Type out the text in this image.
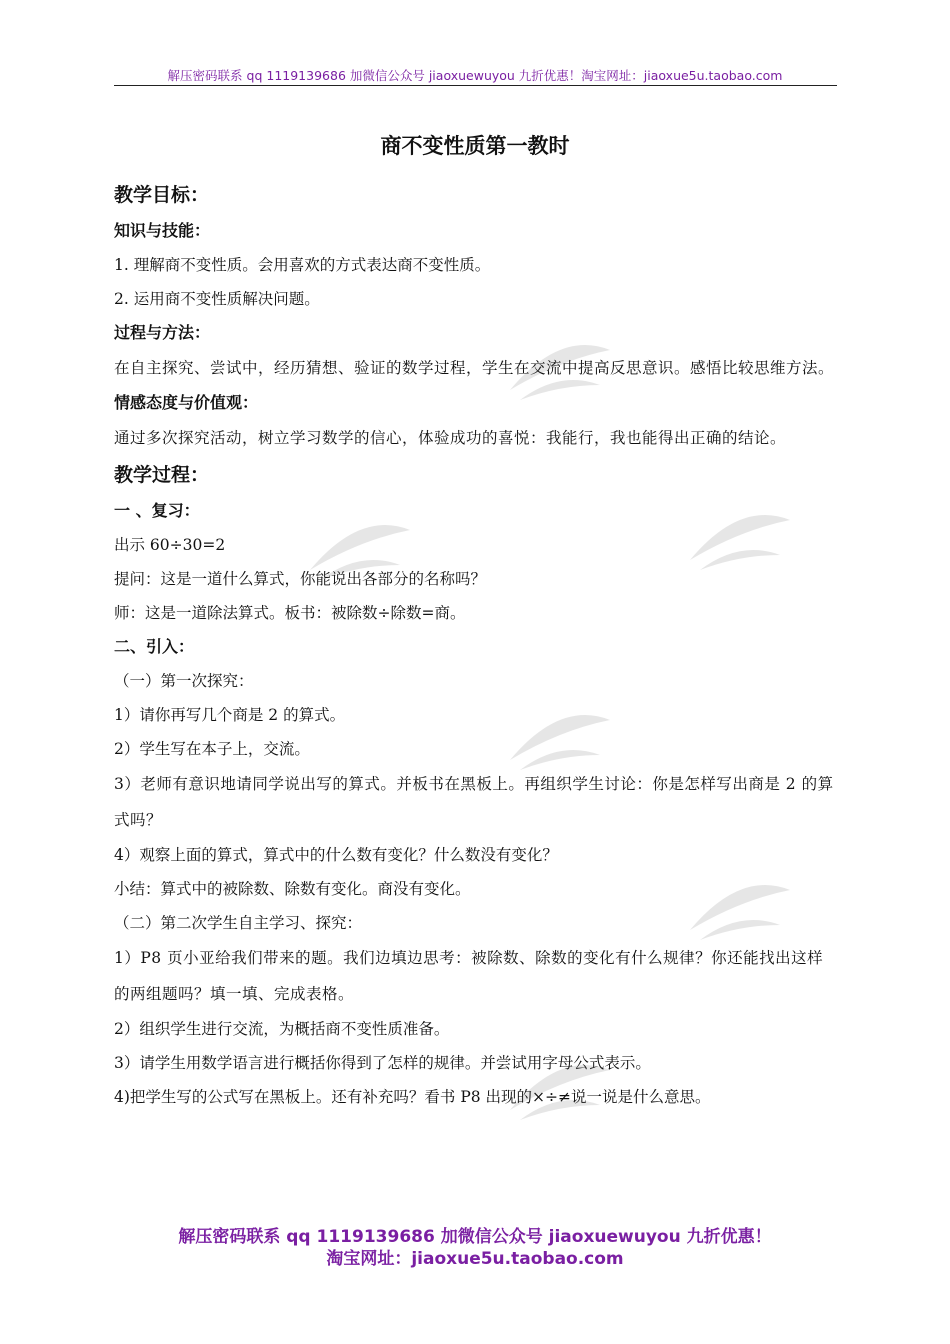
解压密码联系 qq 1119139686 加微信公众号 jiaoxuewuyou 九折优惠！淘宝网址：jiaoxue5u.taobao.com
商不变性质第一教时
教学目标：
知识与技能：
1. 理解商不变性质。会用喜欢的方式表达商不变性质。
2. 运用商不变性质解决问题。
过程与方法：
在自主探究、尝试中，经历猜想、验证的数学过程，学生在交流中提高反思意识。感悟比较思维方法。
情感态度与价值观：
通过多次探究活动，树立学习数学的信心，体验成功的喜悦：我能行，我也能得出正确的结论。
教学过程：
一 、复习：
出示 60÷30=2
提问：这是一道什么算式，你能说出各部分的名称吗？
师：这是一道除法算式。板书：被除数÷除数=商。
二、引入：
（一）第一次探究：
1）请你再写几个商是 2 的算式。
2）学生写在本子上，交流。
3）老师有意识地请同学说出写的算式。并板书在黑板上。再组织学生讨论：你是怎样写出商是 2 的算式吗？
4）观察上面的算式，算式中的什么数有变化？什么数没有变化？
小结：算式中的被除数、除数有变化。商没有变化。
（二）第二次学生自主学习、探究：
1）P8 页小亚给我们带来的题。我们边填边思考：被除数、除数的变化有什么规律？你还能找出这样的两组题吗？填一填、完成表格。
2）组织学生进行交流，为概括商不变性质准备。
3）请学生用数学语言进行概括你得到了怎样的规律。并尝试用字母公式表示。
4)把学生写的公式写在黑板上。还有补充吗？看书 P8 出现的×÷≠说一说是什么意思。
解压密码联系 qq 1119139686 加微信公众号 jiaoxuewuyou 九折优惠！
淘宝网址：jiaoxue5u.taobao.com
